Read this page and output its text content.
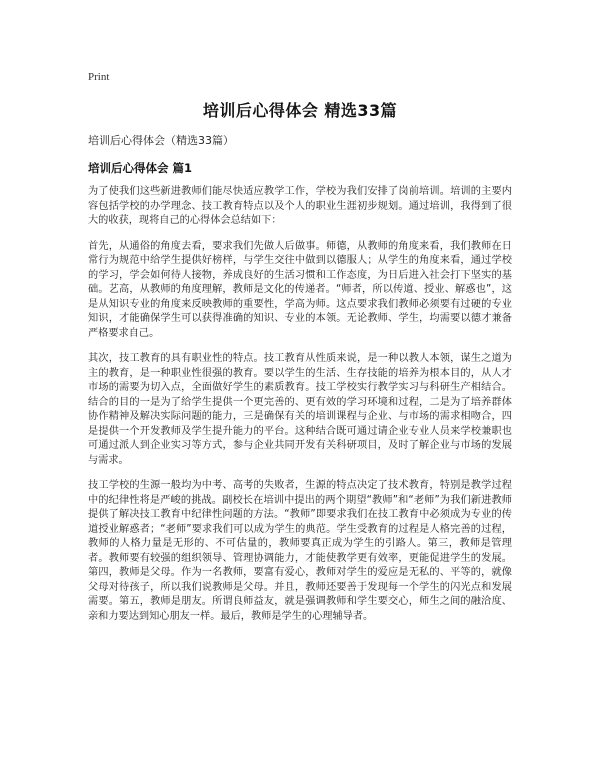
Print
培训后心得体会 精选33篇
培训后心得体会（精选33篇）
培训后心得体会 篇1

为了使我们这些新进教师们能尽快适应教学工作，学校为我们安排了岗前培训。培训的主要内容包括学校的办学理念、技工教育特点以及个人的职业生涯初步规划。通过培训，我得到了很大的收获，现将自己的心得体会总结如下：

首先，从通俗的角度去看，要求我们先做人后做事。师德，从教师的角度来看，我们教师在日常行为规范中给学生提供好榜样，与学生交往中做到以德服人；从学生的角度来看，通过学校的学习，学会如何待人接物，养成良好的生活习惯和工作态度，为日后进入社会打下坚实的基础。艺高，从教师的角度理解，教师是文化的传递者。“师者，所以传道、授业、解惑也”，这是从知识专业的角度来反映教师的重要性，学高为师。这点要求我们教师必须要有过硬的专业知识，才能确保学生可以获得准确的知识、专业的本领。无论教师、学生，均需要以德才兼备严格要求自己。

其次，技工教育的具有职业性的特点。技工教育从性质来说，是一种以教人本领，谋生之道为主的教育，是一种职业性很强的教育。要以学生的生活、生存技能的培养为根本目的，从人才市场的需要为切入点，全面做好学生的素质教育。技工学校实行教学实习与科研生产相结合。结合的目的一是为了给学生提供一个更完善的、更有效的学习环境和过程，二是为了培养群体协作精神及解决实际问题的能力，三是确保有关的培训课程与企业、与市场的需求相吻合，四是提供一个开发教师及学生提升能力的平台。这种结合既可通过请企业专业人员来学校兼职也可通过派人到企业实习等方式，参与企业共同开发有关科研项目，及时了解企业与市场的发展与需求。

技工学校的生源一般均为中考、高考的失败者，生源的特点决定了技术教育，特别是教学过程中的纪律性将是严峻的挑战。副校长在培训中提出的两个期望“教师”和“老师”为我们新进教师提供了解决技工教育中纪律性问题的方法。“教师”即要求我们在技工教育中必须成为专业的传道授业解惑者；“老师”要求我们可以成为学生的典范。学生受教育的过程是人格完善的过程，教师的人格力量是无形的、不可估量的，教师要真正成为学生的引路人。第三，教师是管理者。教师要有较强的组织领导、管理协调能力，才能使教学更有效率，更能促进学生的发展。第四，教师是父母。作为一名教师，要富有爱心，教师对学生的爱应是无私的、平等的，就像父母对待孩子，所以我们说教师是父母。并且，教师还要善于发现每一个学生的闪光点和发展需要。第五，教师是朋友。所谓良师益友，就是强调教师和学生要交心，师生之间的融洽度、亲和力要达到知心朋友一样。最后，教师是学生的心理辅导者。
